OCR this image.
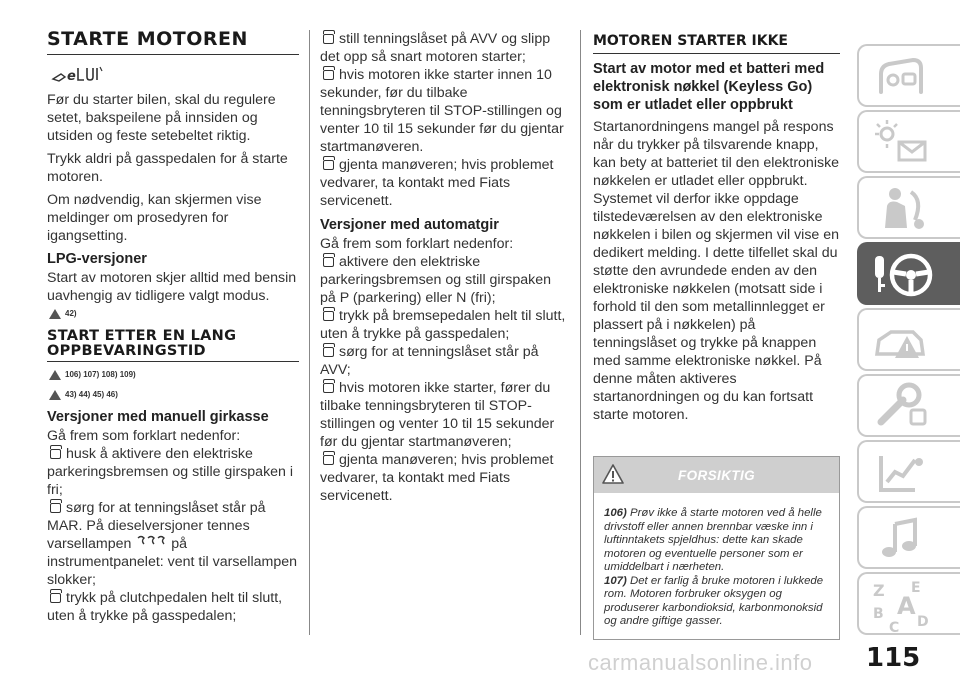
STARTE MOTOREN
e

Før du starter bilen, skal du regulere setet, bakspeilene på innsiden og utsiden og feste setebeltet riktig.

Trykk aldri på gasspedalen for å starte motoren.

Om nødvendig, kan skjermen vise meldinger om prosedyren for igangsetting.

LPG-versjoner

Start av motoren skjer alltid med bensin uavhengig av tidligere valgt modus.

42)
START ETTER EN LANG OPPBEVARINGSTID
106) 107) 108) 109)
43) 44) 45) 46)
Versjoner med manuell girkasse

Gå frem som forklart nedenfor:

husk å aktivere den elektriske parkeringsbremsen og stille girspaken i fri;
sørg for at tenningslåset står på MAR. På dieselversjoner tennes varsellampen	på instrumentpanelet: vent til varsellampen slokker;
trykk på clutchpedalen helt til slutt, uten å trykke på gasspedalen;
still tenningslåset på AVV og slipp det opp så snart motoren starter;
hvis motoren ikke starter innen 10 sekunder, før du tilbake tenningsbryteren til STOP-stillingen og venter 10 til 15 sekunder før du gjentar startmanøveren.
gjenta manøveren; hvis problemet vedvarer, ta kontakt med Fiats servicenett.
Versjoner med automatgir

Gå frem som forklart nedenfor:

aktivere den elektriske parkeringsbremsen og still girspaken på P (parkering) eller N (fri);
trykk på bremsepedalen helt til slutt, uten å trykke på gasspedalen;
sørg for at tenningslåset står på AVV;
hvis motoren ikke starter, fører du tilbake tenningsbryteren til STOP-stillingen og venter 10 til 15 sekunder før du gjentar startmanøveren;
gjenta manøveren; hvis problemet vedvarer, ta kontakt med Fiats servicenett.
MOTOREN STARTER IKKE
Start av motor med et batteri med elektronisk nøkkel (Keyless Go) som er utladet eller oppbrukt

Startanordningens mangel på respons når du trykker på tilsvarende knapp, kan bety at batteriet til den elektroniske nøkkelen er utladet eller oppbrukt. Systemet vil derfor ikke oppdage tilstedeværelsen av den elektroniske nøkkelen i bilen og skjermen vil vise en dedikert melding. I dette tilfellet skal du støtte den avrundede enden av den elektroniske nøkkelen (motsatt side i forhold til den som metallinnlegget er plassert på i nøkkelen) på tenningslåset og trykke på knappen med samme elektroniske nøkkel. På denne måten aktiveres startanordningen og du kan fortsatt starte motoren.

FORSIKTIG
106) Prøv ikke å starte motoren ved å helle drivstoff eller annen brennbar væske inn i luftinntakets spjeldhus: dette kan skade motoren og eventuelle personer som er umiddelbart i nærheten.
107) Det er farlig å bruke motoren i lukkede rom. Motoren forbruker oksygen og produserer karbondioksid, karbonmonoksid og andre giftige gasser.
Z E
A
B
C D
carmanualsonline.info 115
